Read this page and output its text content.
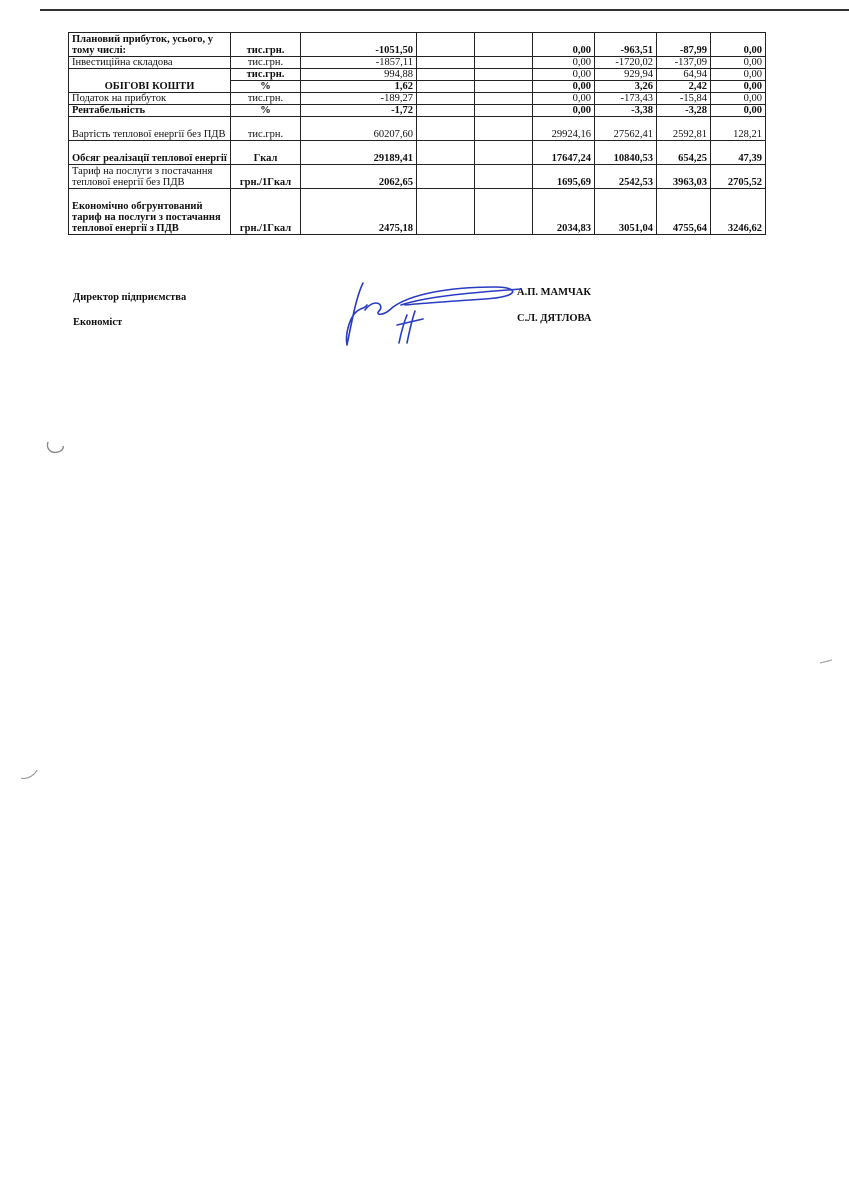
Плановий прибуток, усього, у тому числі:	тис.грн.	-1051,50			0,00	-963,51	-87,99	0,00
Інвестиційна складова	тис.грн.	-1857,11			0,00	-1720,02	-137,09	0,00
ОБІГОВІ КОШТИ	тис.грн.	994,88			0,00	929,94	64,94	0,00
	%	1,62			0,00	3,26	2,42	0,00
Податок на прибуток	тис.грн.	-189,27			0,00	-173,43	-15,84	0,00
Рентабельність	%	-1,72			0,00	-3,38	-3,28	0,00
Вартість теплової енергії без ПДВ	тис.грн.	60207,60			29924,16	27562,41	2592,81	128,21
Обсяг реалізації теплової енергії	Гкал	29189,41			17647,24	10840,53	654,25	47,39
Тариф на послуги з постачання теплової енергії без ПДВ	грн./1Гкал	2062,65			1695,69	2542,53	3963,03	2705,52
Економічно обгрунтований тариф на послуги з постачання теплової енергії з ПДВ	грн./1Гкал	2475,18			2034,83	3051,04	4755,64	3246,62
Директор підприємства	А.П. МАМЧАК
Економіст	С.Л. ДЯТЛОВА
